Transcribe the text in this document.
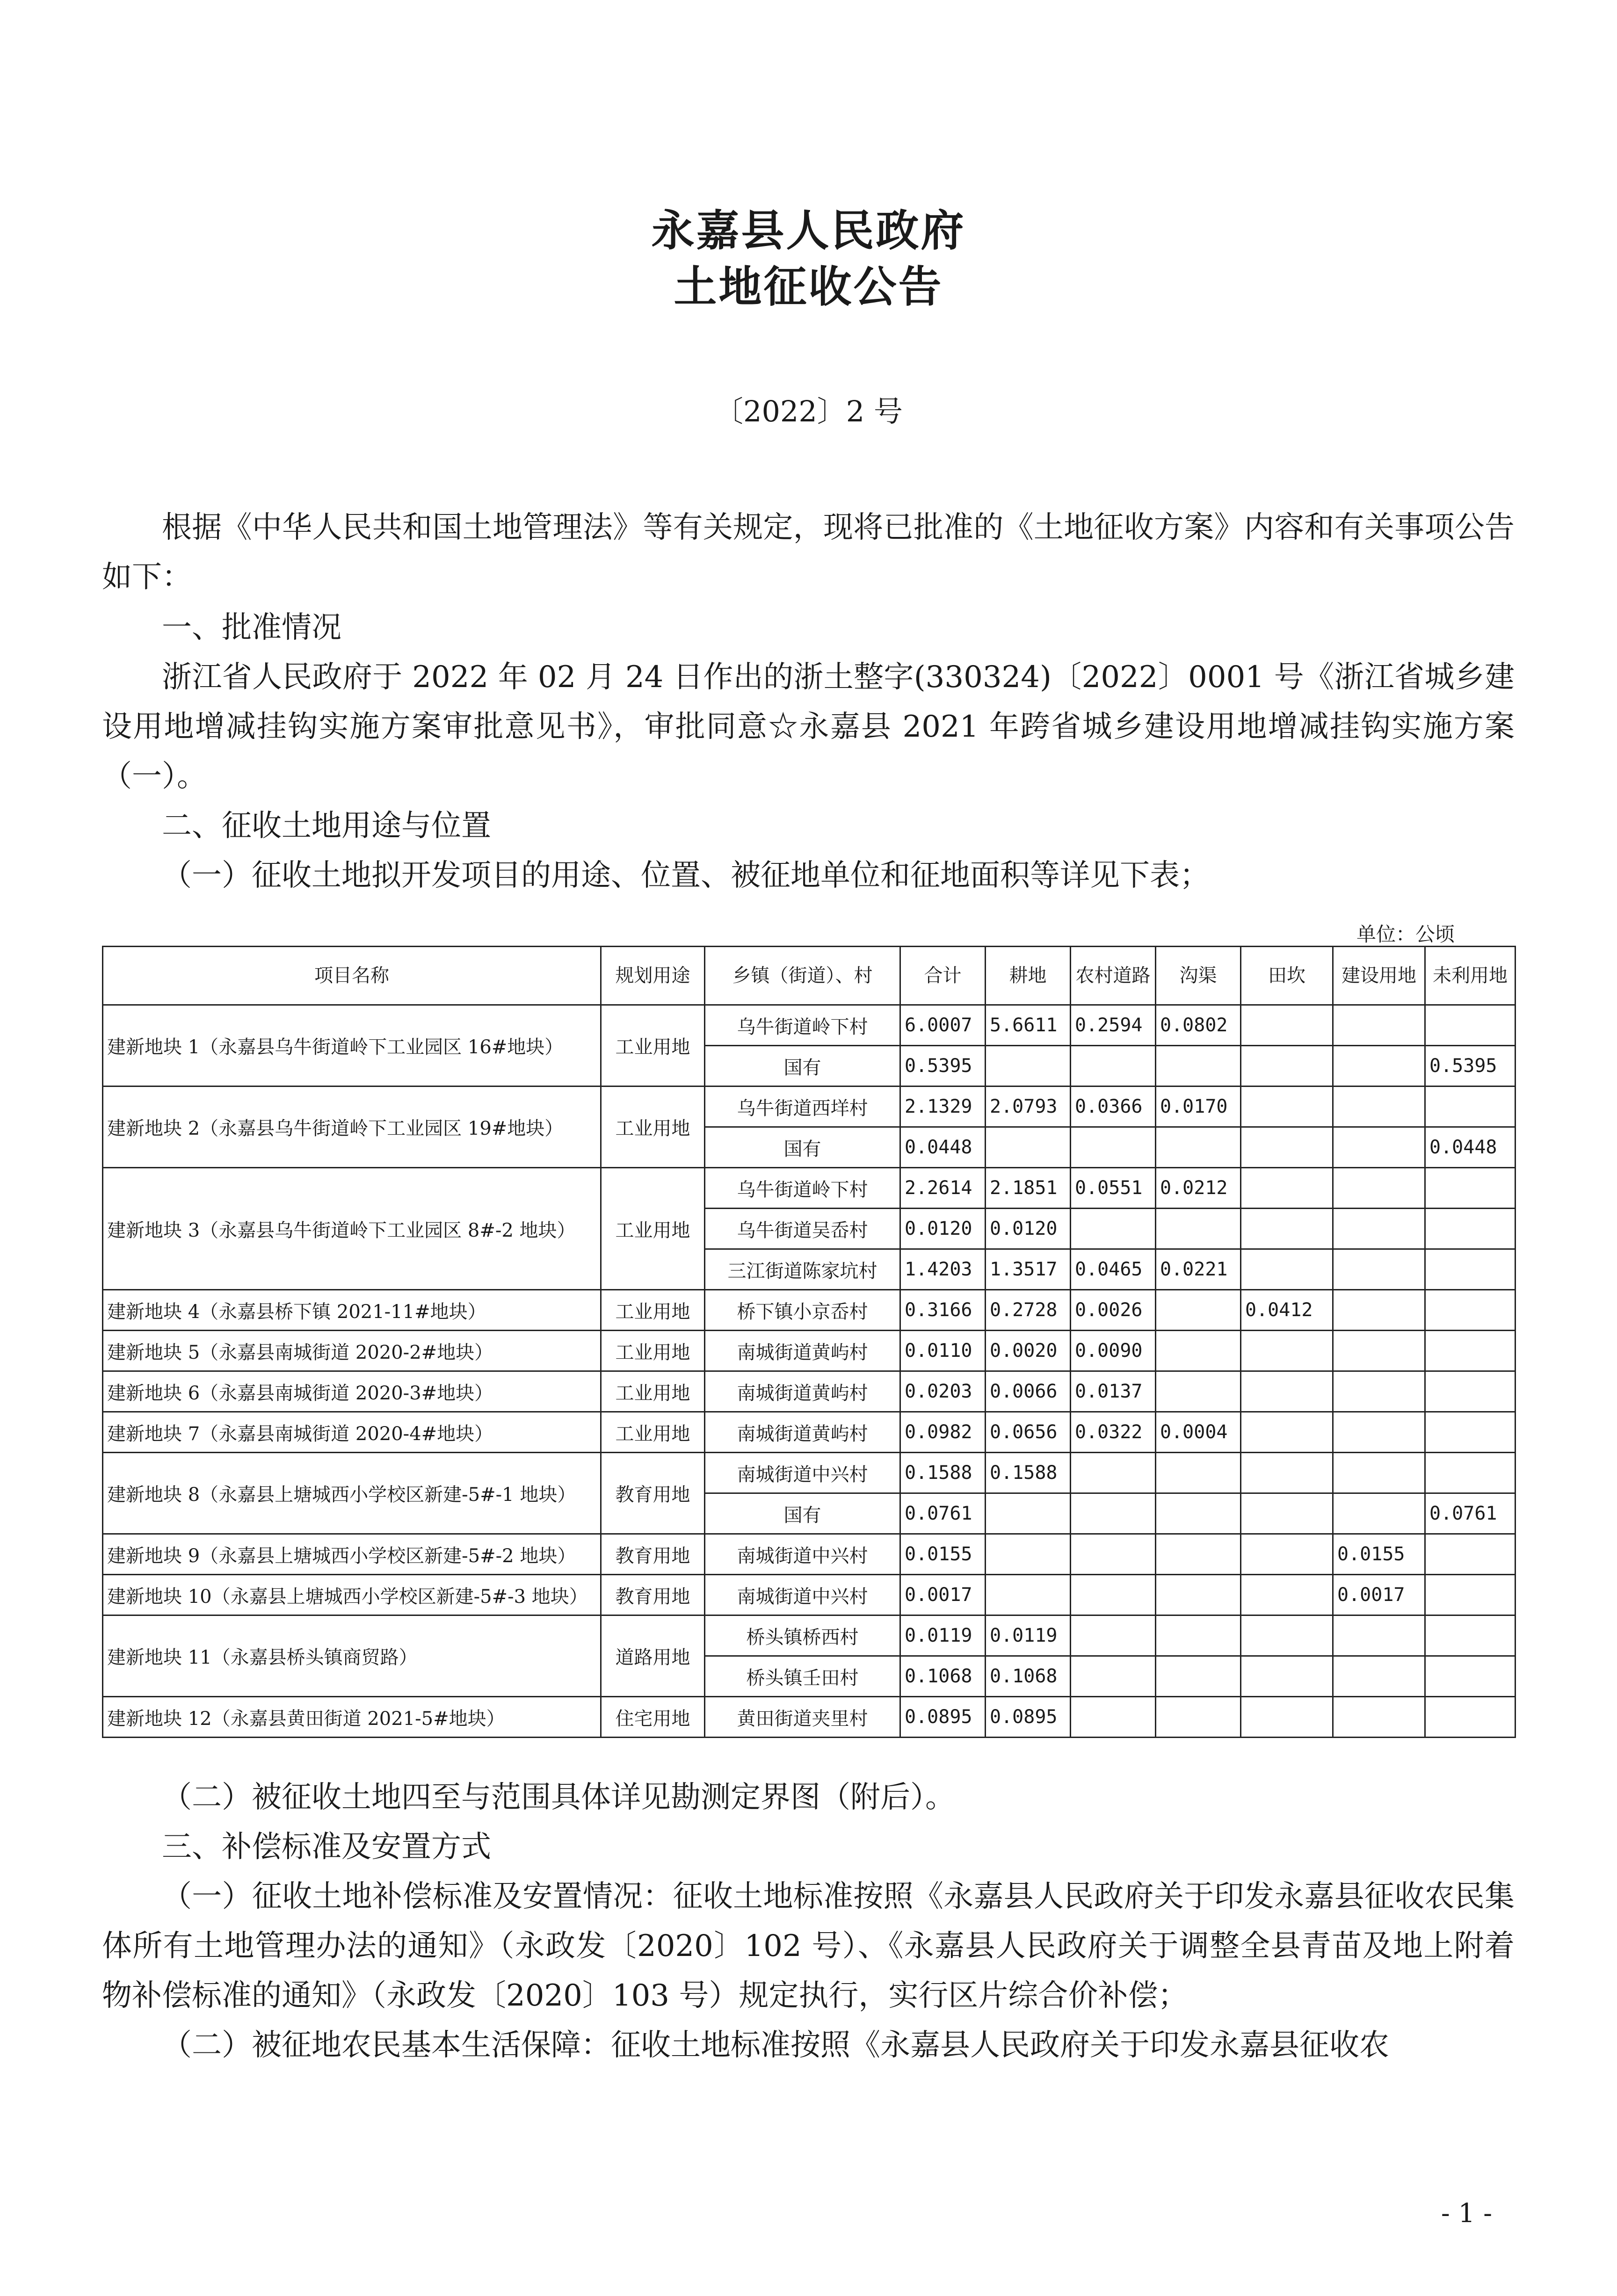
永嘉县人民政府
土地征收公告
〔2022〕2 号

根据《中华人民共和国土地管理法》等有关规定，现将已批准的《土地征收方案》内容和有关事项公告如下：

一、批准情况

浙江省人民政府于 2022 年 02 月 24 日作出的浙土整字(330324)〔2022〕0001 号《浙江省城乡建设用地增减挂钩实施方案审批意见书》，审批同意☆永嘉县 2021 年跨省城乡建设用地增减挂钩实施方案（一）。

二、征收土地用途与位置

（一）征收土地拟开发项目的用途、位置、被征地单位和征地面积等详见下表；

单位：公顷
项目名称	规划用途	乡镇（街道）、村	合计	耕地	农村道路	沟渠	田坎	建设用地	未利用地
建新地块 1（永嘉县乌牛街道岭下工业园区 16#地块）	工业用地	乌牛街道岭下村	6.0007	5.6611	0.2594	0.0802			
		国有	0.5395						0.5395
建新地块 2（永嘉县乌牛街道岭下工业园区 19#地块）	工业用地	乌牛街道西垟村	2.1329	2.0793	0.0366	0.0170			
		国有	0.0448						0.0448
建新地块 3（永嘉县乌牛街道岭下工业园区 8#-2 地块）	工业用地	乌牛街道岭下村	2.2614	2.1851	0.0551	0.0212			
		乌牛街道吴岙村	0.0120	0.0120					
		三江街道陈家坑村	1.4203	1.3517	0.0465	0.0221			
建新地块 4（永嘉县桥下镇 2021-11#地块）	工业用地	桥下镇小京岙村	0.3166	0.2728	0.0026		0.0412		
建新地块 5（永嘉县南城街道 2020-2#地块）	工业用地	南城街道黄屿村	0.0110	0.0020	0.0090				
建新地块 6（永嘉县南城街道 2020-3#地块）	工业用地	南城街道黄屿村	0.0203	0.0066	0.0137				
建新地块 7（永嘉县南城街道 2020-4#地块）	工业用地	南城街道黄屿村	0.0982	0.0656	0.0322	0.0004			
建新地块 8（永嘉县上塘城西小学校区新建-5#-1 地块）	教育用地	南城街道中兴村	0.1588	0.1588					
		国有	0.0761						0.0761
建新地块 9（永嘉县上塘城西小学校区新建-5#-2 地块）	教育用地	南城街道中兴村	0.0155					0.0155	
建新地块 10（永嘉县上塘城西小学校区新建-5#-3 地块）	教育用地	南城街道中兴村	0.0017					0.0017	
建新地块 11（永嘉县桥头镇商贸路）	道路用地	桥头镇桥西村	0.0119	0.0119					
		桥头镇壬田村	0.1068	0.1068					
建新地块 12（永嘉县黄田街道 2021-5#地块）	住宅用地	黄田街道夹里村	0.0895	0.0895					

（二）被征收土地四至与范围具体详见勘测定界图（附后）。

三、补偿标准及安置方式

（一）征收土地补偿标准及安置情况：征收土地标准按照《永嘉县人民政府关于印发永嘉县征收农民集体所有土地管理办法的通知》（永政发〔2020〕102 号）、《永嘉县人民政府关于调整全县青苗及地上附着物补偿标准的通知》（永政发〔2020〕103 号）规定执行，实行区片综合价补偿；

（二）被征地农民基本生活保障：征收土地标准按照《永嘉县人民政府关于印发永嘉县征收农

- 1 -
